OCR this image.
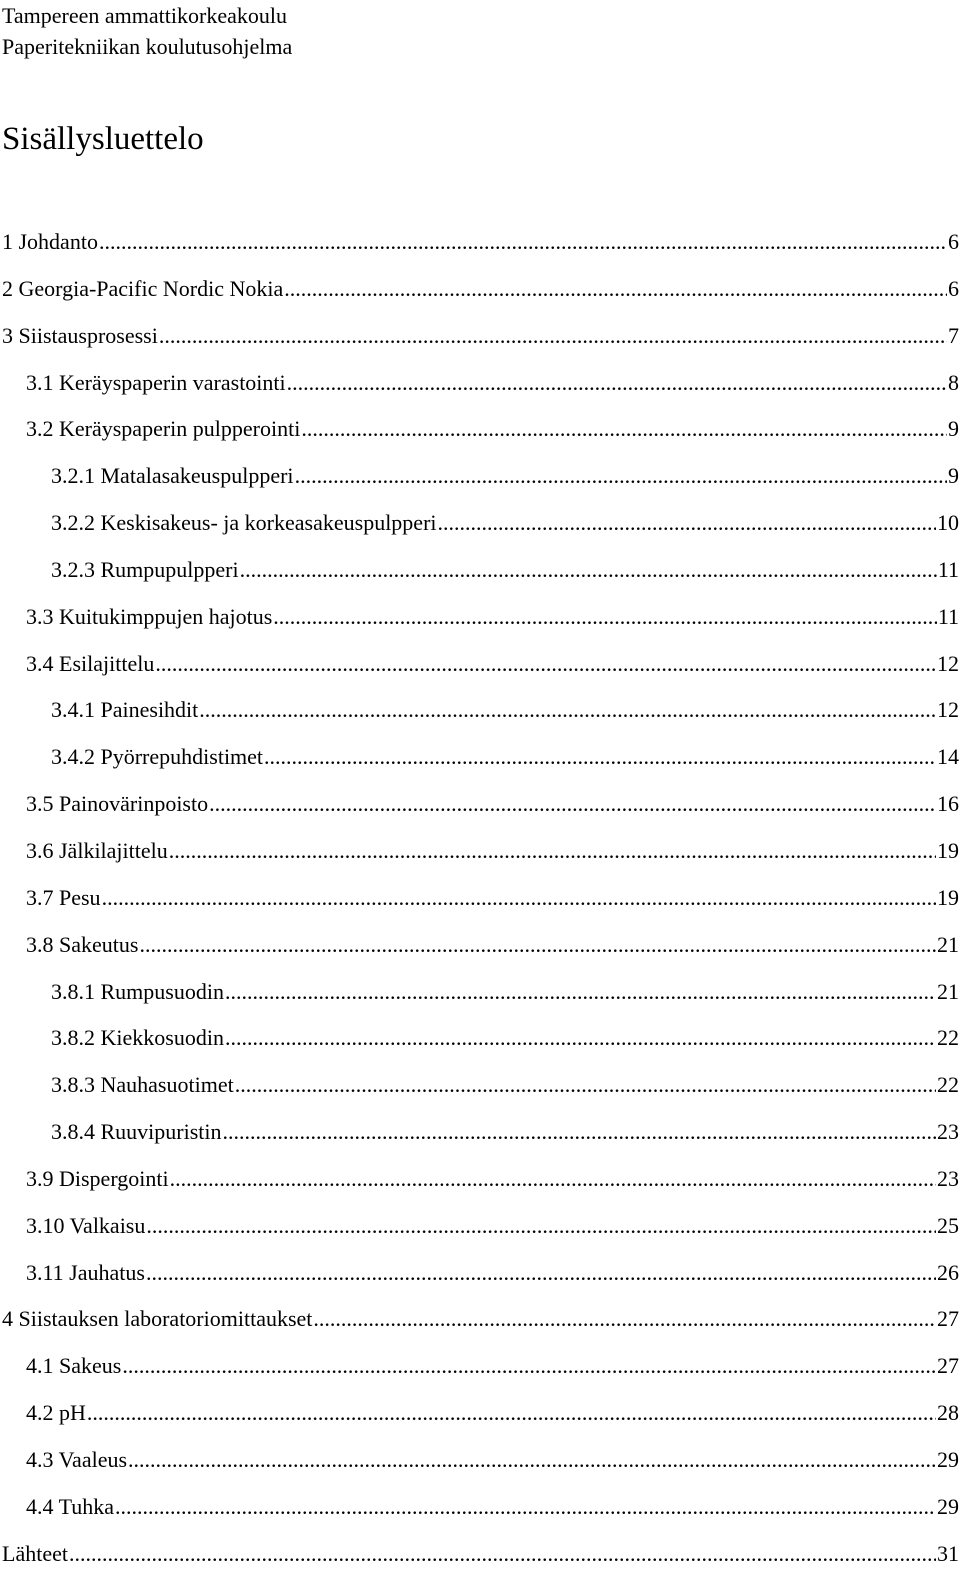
Tampereen ammattikorkeakoulu
Paperitekniikan koulutusohjelma
Sisällysluettelo
1 Johdanto .....	6
2 Georgia-Pacific Nordic Nokia .....	6
3 Siistausprosessi .....	7
3.1 Keräyspaperin varastointi .....	8
3.2 Keräyspaperin pulpperointi .....	9
3.2.1 Matalasakeuspulpperi .....	9
3.2.2 Keskisakeus- ja korkeasakeuspulpperi .....	10
3.2.3 Rumpupulpperi .....	11
3.3 Kuitukimppujen hajotus .....	11
3.4 Esilajittelu .....	12
3.4.1 Painesihdit .....	12
3.4.2 Pyörrepuhdistimet .....	14
3.5 Painovärinpoisto .....	16
3.6 Jälkilajittelu .....	19
3.7 Pesu .....	19
3.8 Sakeutus .....	21
3.8.1 Rumpusuodin .....	21
3.8.2 Kiekkosuodin .....	22
3.8.3 Nauhasuotimet .....	22
3.8.4 Ruuvipuristin .....	23
3.9 Dispergointi .....	23
3.10 Valkaisu .....	25
3.11 Jauhatus .....	26
4 Siistauksen laboratoriomittaukset .....	27
4.1 Sakeus .....	27
4.2 pH .....	28
4.3 Vaaleus .....	29
4.4 Tuhka .....	29
Lähteet .....	31
